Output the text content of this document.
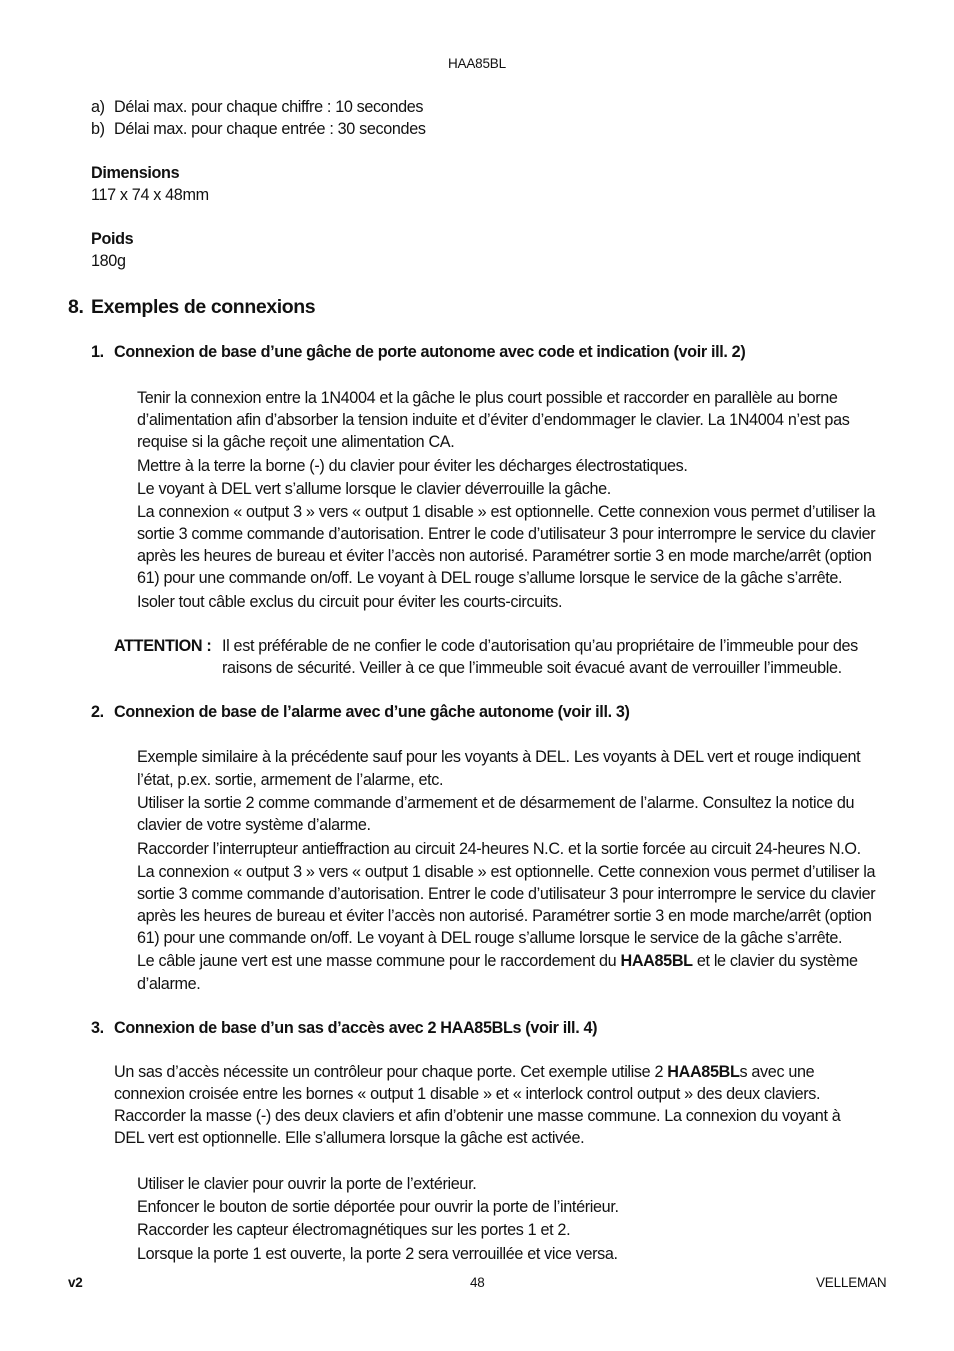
HAA85BL
a) Délai max. pour chaque chiffre : 10 secondes
b) Délai max. pour chaque entrée : 30 secondes
Dimensions
117 x 74 x 48mm
Poids
180g
8. Exemples de connexions
1. Connexion de base d’une gâche de porte autonome avec code et indication (voir ill. 2)
Tenir la connexion entre la 1N4004 et la gâche le plus court possible et raccorder en parallèle au borne
d’alimentation afin d’absorber la tension induite et d’éviter d’endommager le clavier. La 1N4004 n’est pas
requise si la gâche reçoit une alimentation CA.
Mettre à la terre la borne (-) du clavier pour éviter les décharges électrostatiques.
Le voyant à DEL vert s’allume lorsque le clavier déverrouille la gâche.
La connexion « output 3 » vers « output 1 disable » est optionnelle. Cette connexion vous permet d’utiliser la
sortie 3 comme commande d’autorisation. Entrer le code d’utilisateur 3 pour interrompre le service du clavier
après les heures de bureau et éviter l’accès non autorisé. Paramétrer sortie 3 en mode marche/arrêt (option
61) pour une commande on/off. Le voyant à DEL rouge s’allume lorsque le service de la gâche s’arrête.
Isoler tout câble exclus du circuit pour éviter les courts-circuits.
ATTENTION : Il est préférable de ne confier le code d’autorisation qu’au propriétaire de l’immeuble pour des
raisons de sécurité. Veiller à ce que l’immeuble soit évacué avant de verrouiller l’immeuble.
2. Connexion de base de l’alarme avec d’une gâche autonome (voir ill. 3)
Exemple similaire à la précédente sauf pour les voyants à DEL. Les voyants à DEL vert et rouge indiquent
l’état, p.ex. sortie, armement de l’alarme, etc.
Utiliser la sortie 2 comme commande d’armement et de désarmement de l’alarme. Consultez la notice du
clavier de votre système d’alarme.
Raccorder l’interrupteur antieffraction au circuit 24-heures N.C. et la sortie forcée au circuit 24-heures N.O.
La connexion « output 3 » vers « output 1 disable » est optionnelle. Cette connexion vous permet d’utiliser la
sortie 3 comme commande d’autorisation. Entrer le code d’utilisateur 3 pour interrompre le service du clavier
après les heures de bureau et éviter l’accès non autorisé. Paramétrer sortie 3 en mode marche/arrêt (option
61) pour une commande on/off. Le voyant à DEL rouge s’allume lorsque le service de la gâche s’arrête.
Le câble jaune vert est une masse commune pour le raccordement du HAA85BL et le clavier du système
d’alarme.
3. Connexion de base d’un sas d’accès avec 2 HAA85BLs (voir ill. 4)
Un sas d’accès nécessite un contrôleur pour chaque porte. Cet exemple utilise 2 HAA85BLs avec une
connexion croisée entre les bornes « output 1 disable » et « interlock control output » des deux claviers.
Raccorder la masse (-) des deux claviers et afin d’obtenir une masse commune. La connexion du voyant à
DEL vert est optionnelle. Elle s’allumera lorsque la gâche est activée.
Utiliser le clavier pour ouvrir la porte de l’extérieur.
Enfoncer le bouton de sortie déportée pour ouvrir la porte de l’intérieur.
Raccorder les capteur électromagnétiques sur les portes 1 et 2.
Lorsque la porte 1 est ouverte, la porte 2 sera verrouillée et vice versa.
v2	48	VELLEMAN
